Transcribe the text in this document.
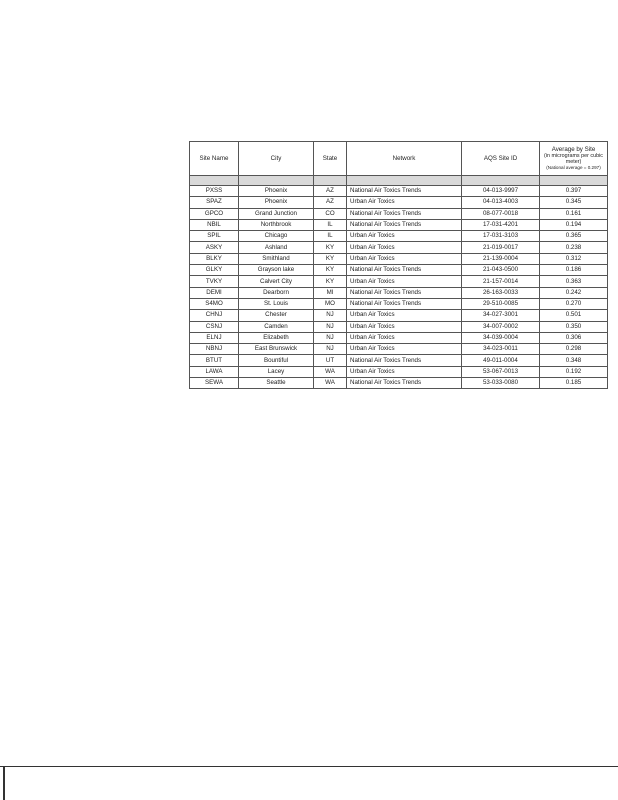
Site Name	City	State	Network	AQS Site ID	Average by Site
(in micrograms per cubic meter)
(National average = 0.297)

PXSS	Phoenix	AZ	National Air Toxics Trends	04-013-9997	0.397
SPAZ	Phoenix	AZ	Urban Air Toxics	04-013-4003	0.345
GPCO	Grand Junction	CO	National Air Toxics Trends	08-077-0018	0.161
NBIL	Northbrook	IL	National Air Toxics Trends	17-031-4201	0.194
SPIL	Chicago	IL	Urban Air Toxics	17-031-3103	0.365
ASKY	Ashland	KY	Urban Air Toxics	21-019-0017	0.238
BLKY	Smithland	KY	Urban Air Toxics	21-139-0004	0.312
GLKY	Grayson lake	KY	National Air Toxics Trends	21-043-0500	0.186
TVKY	Calvert City	KY	Urban Air Toxics	21-157-0014	0.363
DEMI	Dearborn	MI	National Air Toxics Trends	26-163-0033	0.242
S4MO	St. Louis	MO	National Air Toxics Trends	29-510-0085	0.270
CHNJ	Chester	NJ	Urban Air Toxics	34-027-3001	0.501
CSNJ	Camden	NJ	Urban Air Toxics	34-007-0002	0.350
ELNJ	Elizabeth	NJ	Urban Air Toxics	34-039-0004	0.306
NBNJ	East Brunswick	NJ	Urban Air Toxics	34-023-0011	0.298
BTUT	Bountiful	UT	National Air Toxics Trends	49-011-0004	0.348
LAWA	Lacey	WA	Urban Air Toxics	53-067-0013	0.192
SEWA	Seattle	WA	National Air Toxics Trends	53-033-0080	0.185
